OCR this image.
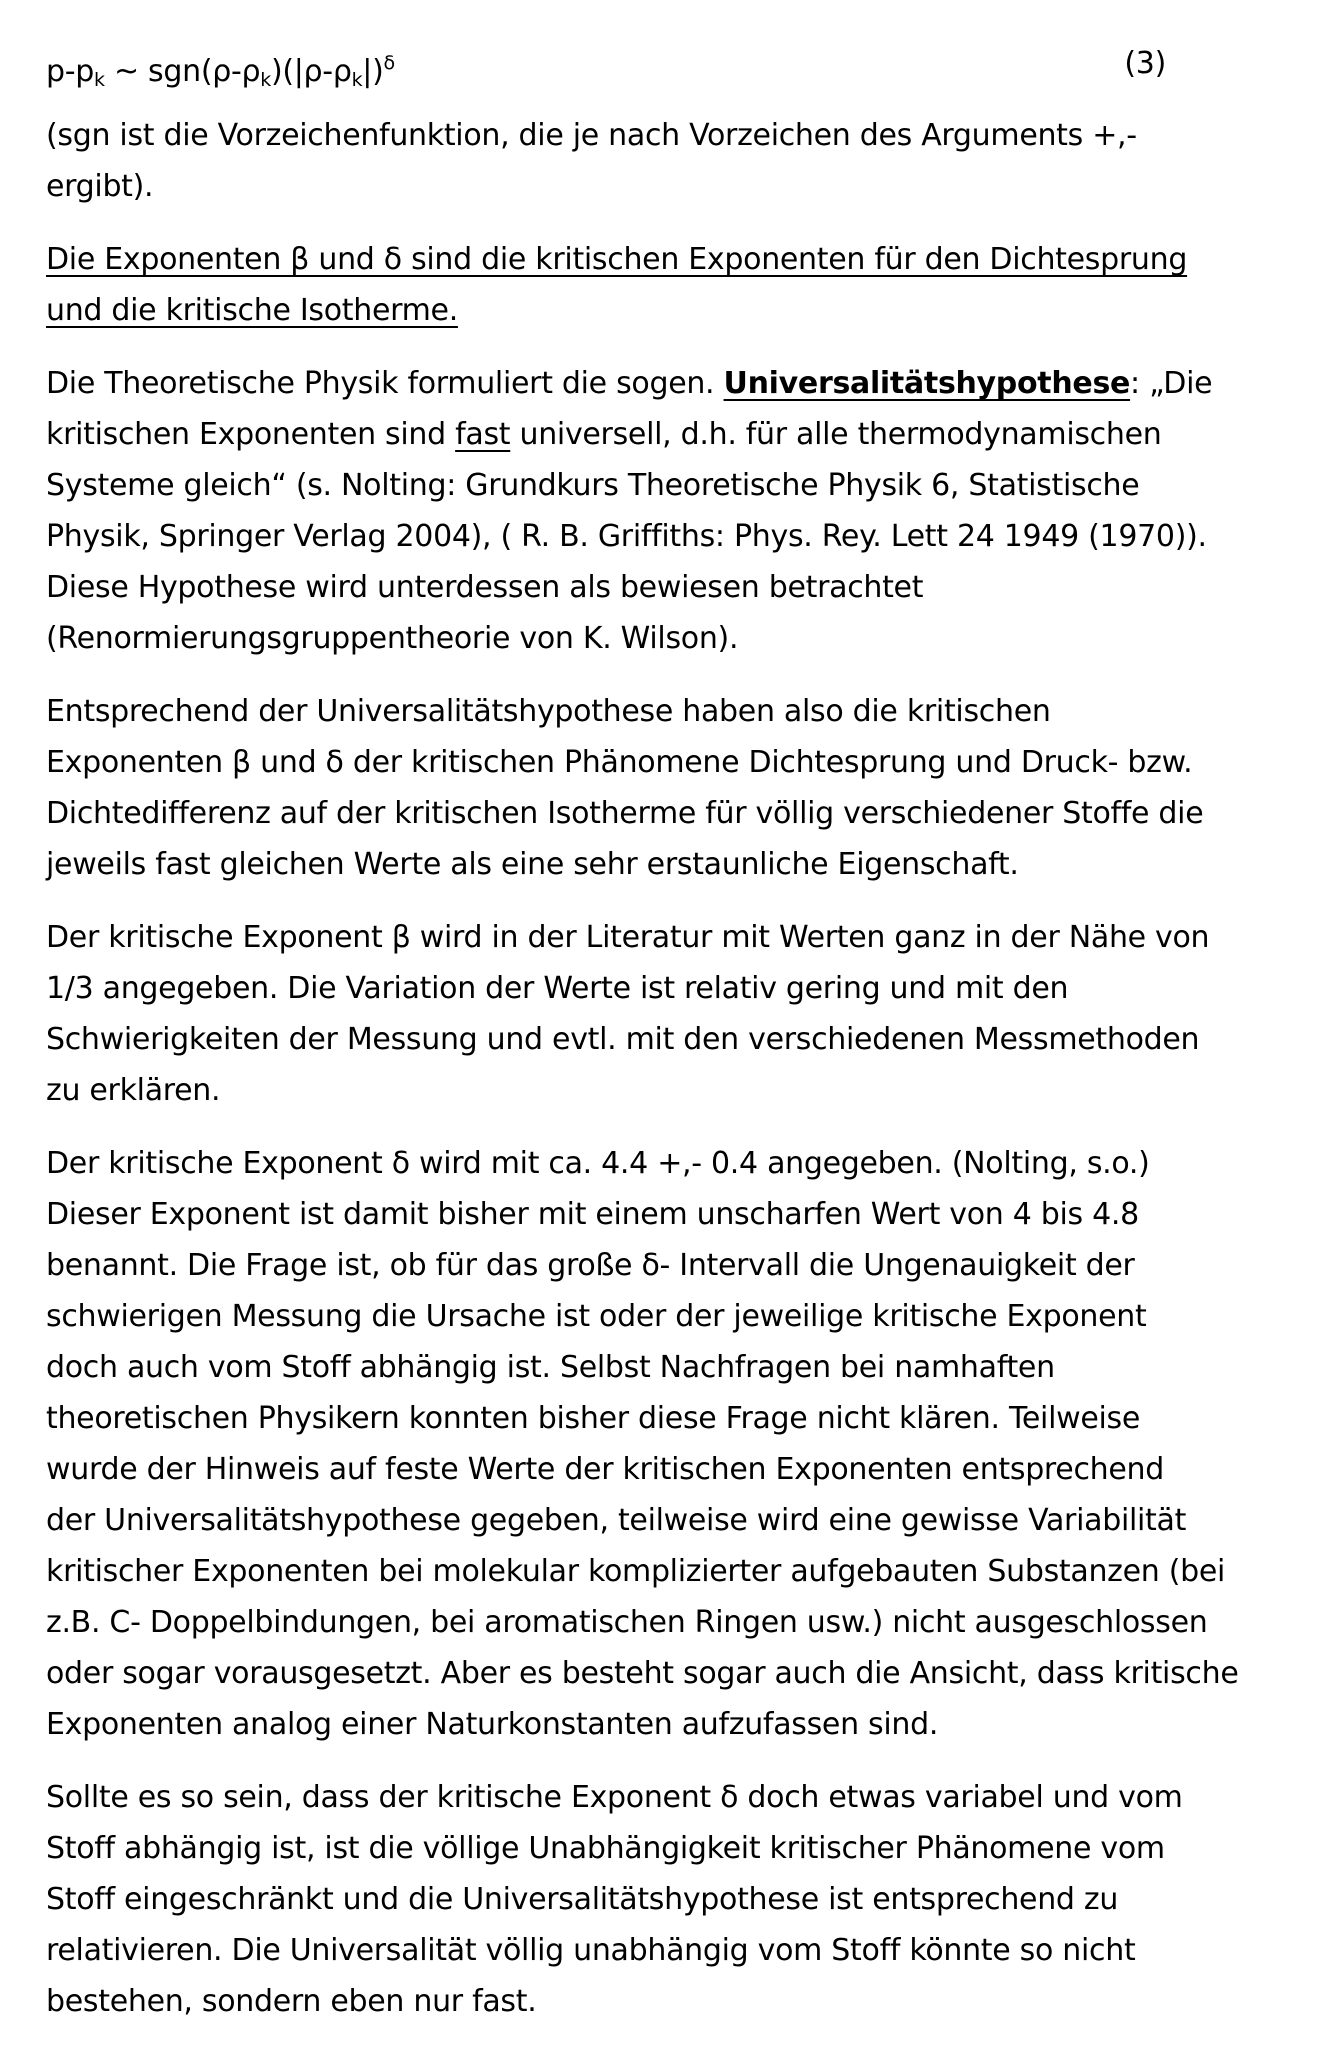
$p-p_k$ ~ $sgn(\rho-\rho_k)(|\rho-\rho_k|)^\delta$	(3)
(sgn ist die Vorzeichenfunktion, die je nach Vorzeichen des Arguments +,-
ergibt).
Die Exponenten β und δ sind die kritischen Exponenten für den Dichtesprung
und die kritische Isotherme.
Die Theoretische Physik formuliert die sogen. Universalitätshypothese: „Die
kritischen Exponenten sind fast universell, d.h. für alle thermodynamischen
Systeme gleich“ (s. Nolting: Grundkurs Theoretische Physik 6, Statistische
Physik, Springer Verlag 2004), ( R. B. Griffiths: Phys. Rey. Lett 24 1949 (1970)).
Diese Hypothese wird unterdessen als bewiesen betrachtet
(Renormierungsgruppentheorie von K. Wilson).
Entsprechend der Universalitätshypothese haben also die kritischen
Exponenten β und δ der kritischen Phänomene Dichtesprung und Druck- bzw.
Dichtedifferenz auf der kritischen Isotherme für völlig verschiedener Stoffe die
jeweils fast gleichen Werte als eine sehr erstaunliche Eigenschaft.
Der kritische Exponent β wird in der Literatur mit Werten ganz in der Nähe von
1/3 angegeben. Die Variation der Werte ist relativ gering und mit den
Schwierigkeiten der Messung und evtl. mit den verschiedenen Messmethoden
zu erklären.
Der kritische Exponent δ wird mit ca. 4.4 +,- 0.4 angegeben. (Nolting, s.o.)
Dieser Exponent ist damit bisher mit einem unscharfen Wert von 4 bis 4.8
benannt. Die Frage ist, ob für das große δ- Intervall die Ungenauigkeit der
schwierigen Messung die Ursache ist oder der jeweilige kritische Exponent
doch auch vom Stoff abhängig ist. Selbst Nachfragen bei namhaften
theoretischen Physikern konnten bisher diese Frage nicht klären. Teilweise
wurde der Hinweis auf feste Werte der kritischen Exponenten entsprechend
der Universalitätshypothese gegeben, teilweise wird eine gewisse Variabilität
kritischer Exponenten bei molekular komplizierter aufgebauten Substanzen (bei
z.B. C- Doppelbindungen, bei aromatischen Ringen usw.) nicht ausgeschlossen
oder sogar vorausgesetzt. Aber es besteht sogar auch die Ansicht, dass kritische
Exponenten analog einer Naturkonstanten aufzufassen sind.
Sollte es so sein, dass der kritische Exponent δ doch etwas variabel und vom
Stoff abhängig ist, ist die völlige Unabhängigkeit kritischer Phänomene vom
Stoff eingeschränkt und die Universalitätshypothese ist entsprechend zu
relativieren. Die Universalität völlig unabhängig vom Stoff könnte so nicht
bestehen, sondern eben nur fast.
